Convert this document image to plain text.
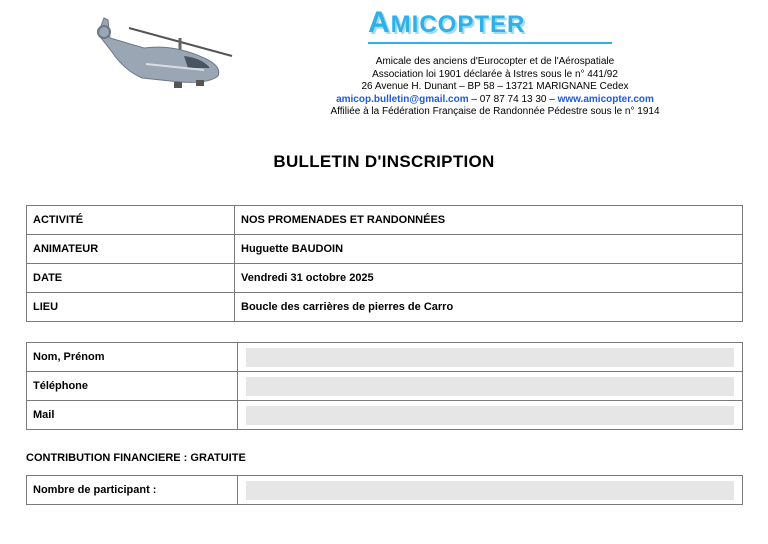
AMICOPTER
Amicale des anciens d'Eurocopter et de l'Aérospatiale
Association loi 1901 déclarée à Istres sous le n° 441/92
26 Avenue H. Dunant – BP 58 – 13721 MARIGNANE Cedex
amicop.bulletin@gmail.com – 07 87 74 13 30 – www.amicopter.com
Affiliée à la Fédération Française de Randonnée Pédestre sous le n° 1914
BULLETIN D'INSCRIPTION
ACTIVITÉ	NOS PROMENADES ET RANDONNÉES
ANIMATEUR	Huguette BAUDOIN
DATE	Vendredi 31 octobre 2025
LIEU	Boucle des carrières de pierres de Carro
Nom, Prénom	

Téléphone	

Mail	
CONTRIBUTION FINANCIERE : GRATUITE
Nombre de participant :	
